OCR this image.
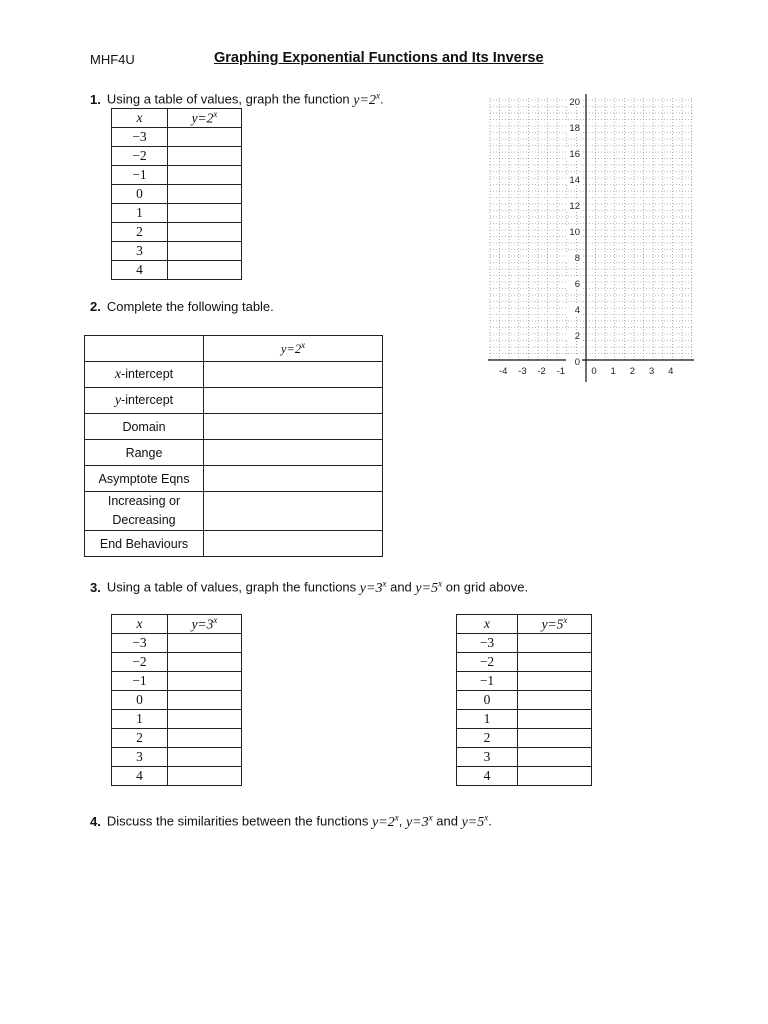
MHF4U	Graphing Exponential Functions and Its Inverse
1. Using a table of values, graph the function $y=2^x$.
x	$y=2^x$
−3	
−2	
−1	
0	
1	
2	
3	
4	
20
18
16
14
12
10
8
6
4
2
0
-4 -3 -2 -1	0 1 2 3 4
2. Complete the following table.
	$y=2^x$
x-intercept	
y-intercept	
Domain	
Range	
Asymptote Eqns	
Increasing or
Decreasing	
End Behaviours	
3. Using a table of values, graph the functions $y=3^x$ and $y=5^x$ on grid above.
x	$y=3^x$
−3	
−2	
−1	
0	
1	
2	
3	
4	
x	$y=5^x$
−3	
−2	
−1	
0	
1	
2	
3	
4	
4. Discuss the similarities between the functions $y=2^x$, $y=3^x$ and $y=5^x$.
